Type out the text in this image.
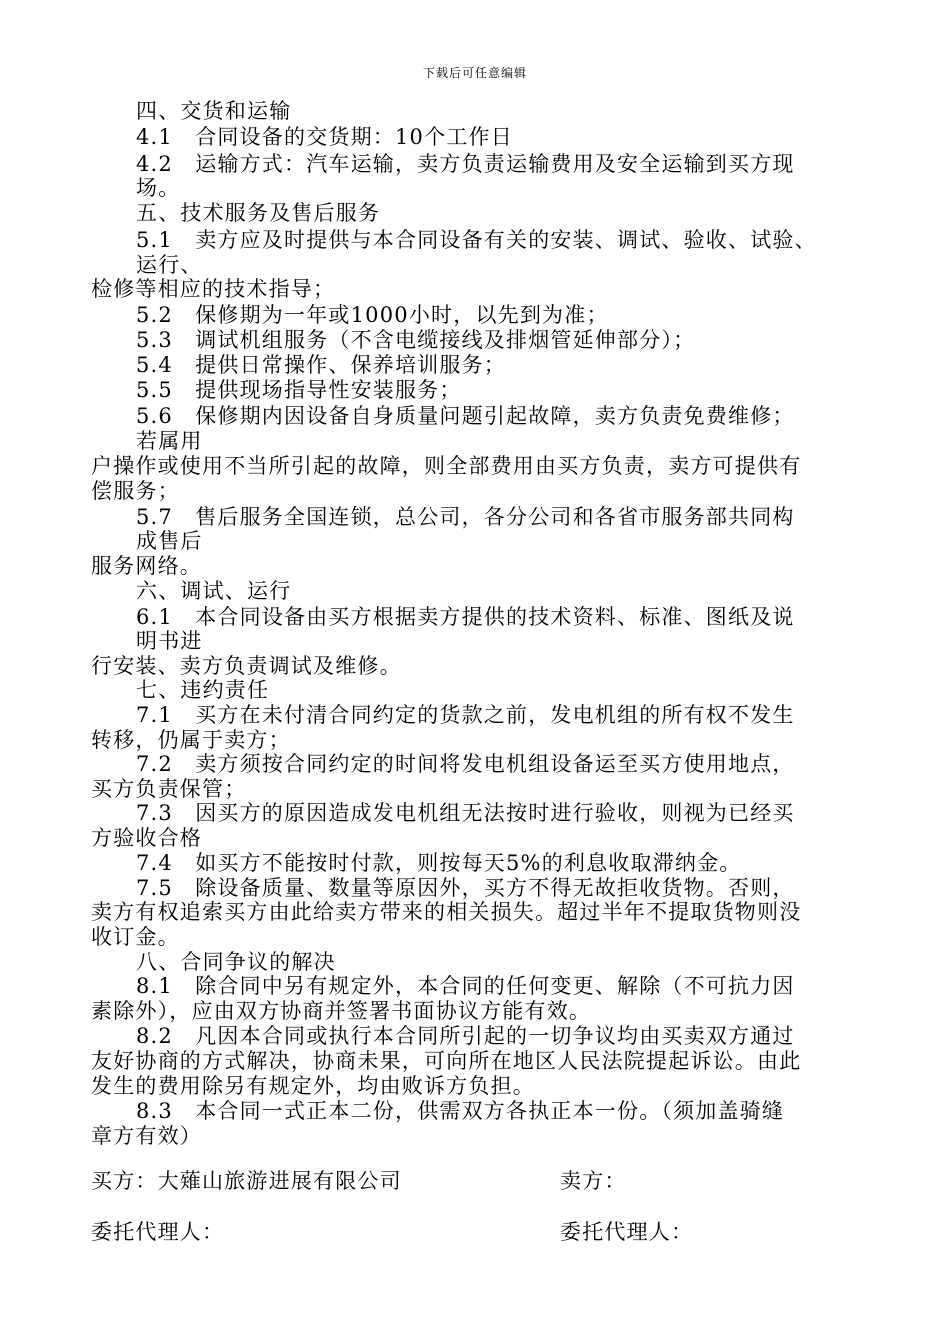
下载后可任意编辑
四、交货和运输
4.1　合同设备的交货期：10个工作日
4.2　运输方式：汽车运输，卖方负责运输费用及安全运输到买方现
场。
五、技术服务及售后服务
5.1　卖方应及时提供与本合同设备有关的安装、调试、验收、试验、
运行、
检修等相应的技术指导；
5.2　保修期为一年或1000小时，以先到为准；
5.3　调试机组服务（不含电缆接线及排烟管延伸部分）；
5.4　提供日常操作、保养培训服务；
5.5　提供现场指导性安装服务；
5.6　保修期内因设备自身质量问题引起故障，卖方负责免费维修；
若属用
户操作或使用不当所引起的故障，则全部费用由买方负责，卖方可提供有
偿服务；
5.7　售后服务全国连锁，总公司，各分公司和各省市服务部共同构
成售后
服务网络。
六、调试、运行
6.1　本合同设备由买方根据卖方提供的技术资料、标准、图纸及说
明书进
行安装、卖方负责调试及维修。
七、违约责任
7.1　买方在未付清合同约定的货款之前，发电机组的所有权不发生
转移，仍属于卖方；
7.2　卖方须按合同约定的时间将发电机组设备运至买方使用地点，
买方负责保管；
7.3　因买方的原因造成发电机组无法按时进行验收，则视为已经买
方验收合格
7.4　如买方不能按时付款，则按每天5%的利息收取滞纳金。
7.5　除设备质量、数量等原因外，买方不得无故拒收货物。否则，
卖方有权追索买方由此给卖方带来的相关损失。超过半年不提取货物则没
收订金。
八、合同争议的解决
8.1　除合同中另有规定外，本合同的任何变更、解除（不可抗力因
素除外），应由双方协商并签署书面协议方能有效。
8.2　凡因本合同或执行本合同所引起的一切争议均由买卖双方通过
友好协商的方式解决，协商未果，可向所在地区人民法院提起诉讼。由此
发生的费用除另有规定外，均由败诉方负担。
8.3　本合同一式正本二份，供需双方各执正本一份。（须加盖骑缝
章方有效）
买方：大薙山旅游进展有限公司	卖方：
委托代理人：	委托代理人：
